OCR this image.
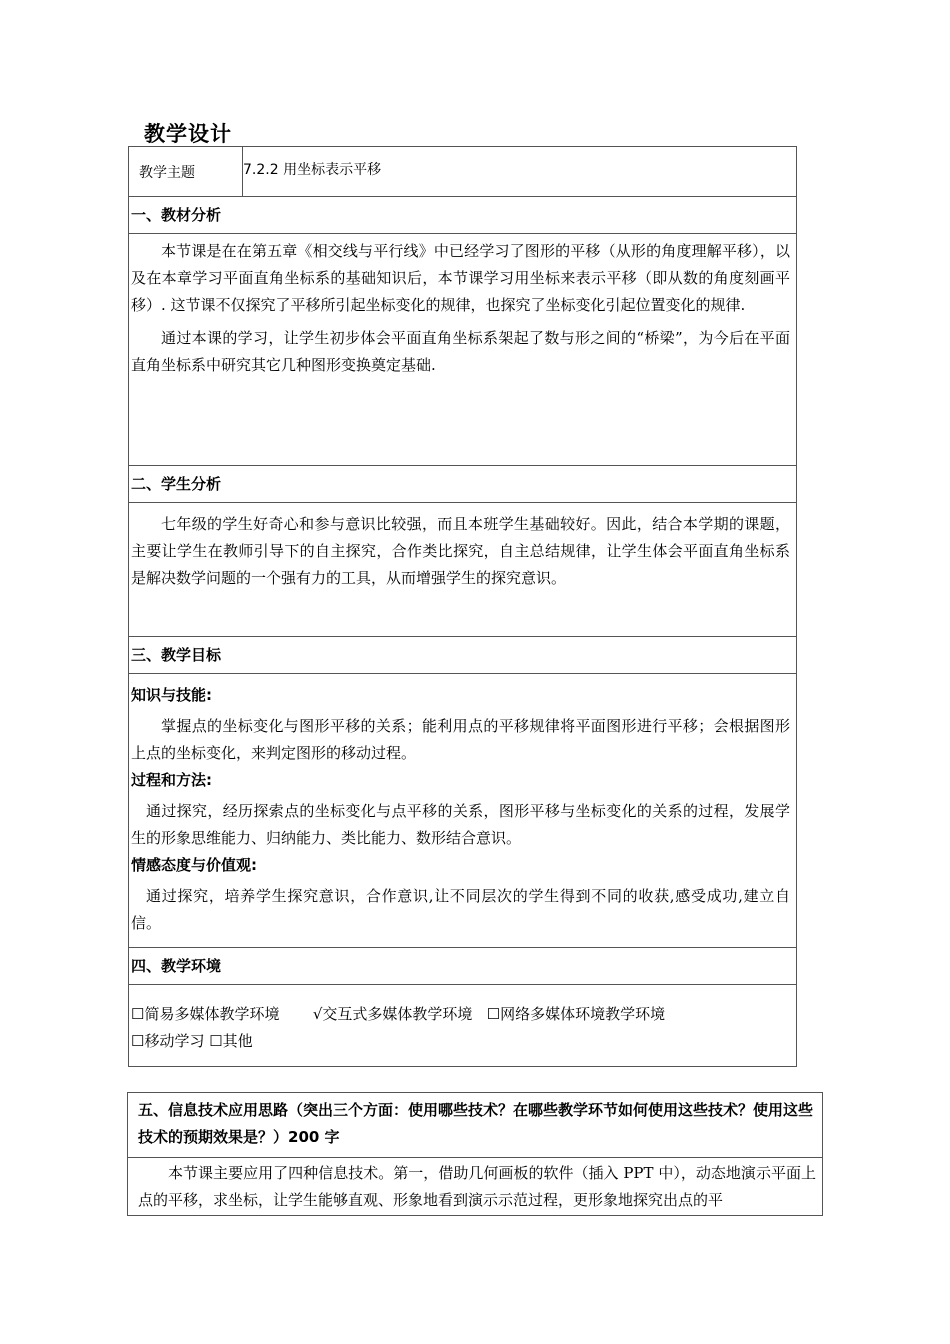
教学设计
教学主题	7.2.2 用坐标表示平移
一、教材分析

本节课是在在第五章《相交线与平行线》中已经学习了图形的平移（从形的角度理解平移），以及在本章学习平面直角坐标系的基础知识后，本节课学习用坐标来表示平移（即从数的角度刻画平移）. 这节课不仅探究了平移所引起坐标变化的规律，也探究了坐标变化引起位置变化的规律.

通过本课的学习，让学生初步体会平面直角坐标系架起了数与形之间的“桥梁”，为今后在平面直角坐标系中研究其它几种图形变换奠定基础.

二、学生分析

七年级的学生好奇心和参与意识比较强，而且本班学生基础较好。因此，结合本学期的课题，主要让学生在教师引导下的自主探究，合作类比探究，自主总结规律，让学生体会平面直角坐标系是解决数学问题的一个强有力的工具，从而增强学生的探究意识。

三、教学目标

知识与技能:

掌握点的坐标变化与图形平移的关系；能利用点的平移规律将平面图形进行平移；会根据图形上点的坐标变化，来判定图形的移动过程。

过程和方法:

通过探究，经历探索点的坐标变化与点平移的关系，图形平移与坐标变化的关系的过程，发展学生的形象思维能力、归纳能力、类比能力、数形结合意识。

情感态度与价值观:

通过探究，培养学生探究意识，合作意识,让不同层次的学生得到不同的收获,感受成功,建立自信。

四、教学环境

☐简易多媒体教学环境 √交互式多媒体教学环境 ☐网络多媒体环境教学环境
☐移动学习 ☐其他
五、信息技术应用思路（突出三个方面：使用哪些技术？在哪些教学环节如何使用这些技术？使用这些技术的预期效果是？）200 字

本节课主要应用了四种信息技术。第一，借助几何画板的软件（插入 PPT 中），动态地演示平面上点的平移，求坐标，让学生能够直观、形象地看到演示示范过程，更形象地探究出点的平
